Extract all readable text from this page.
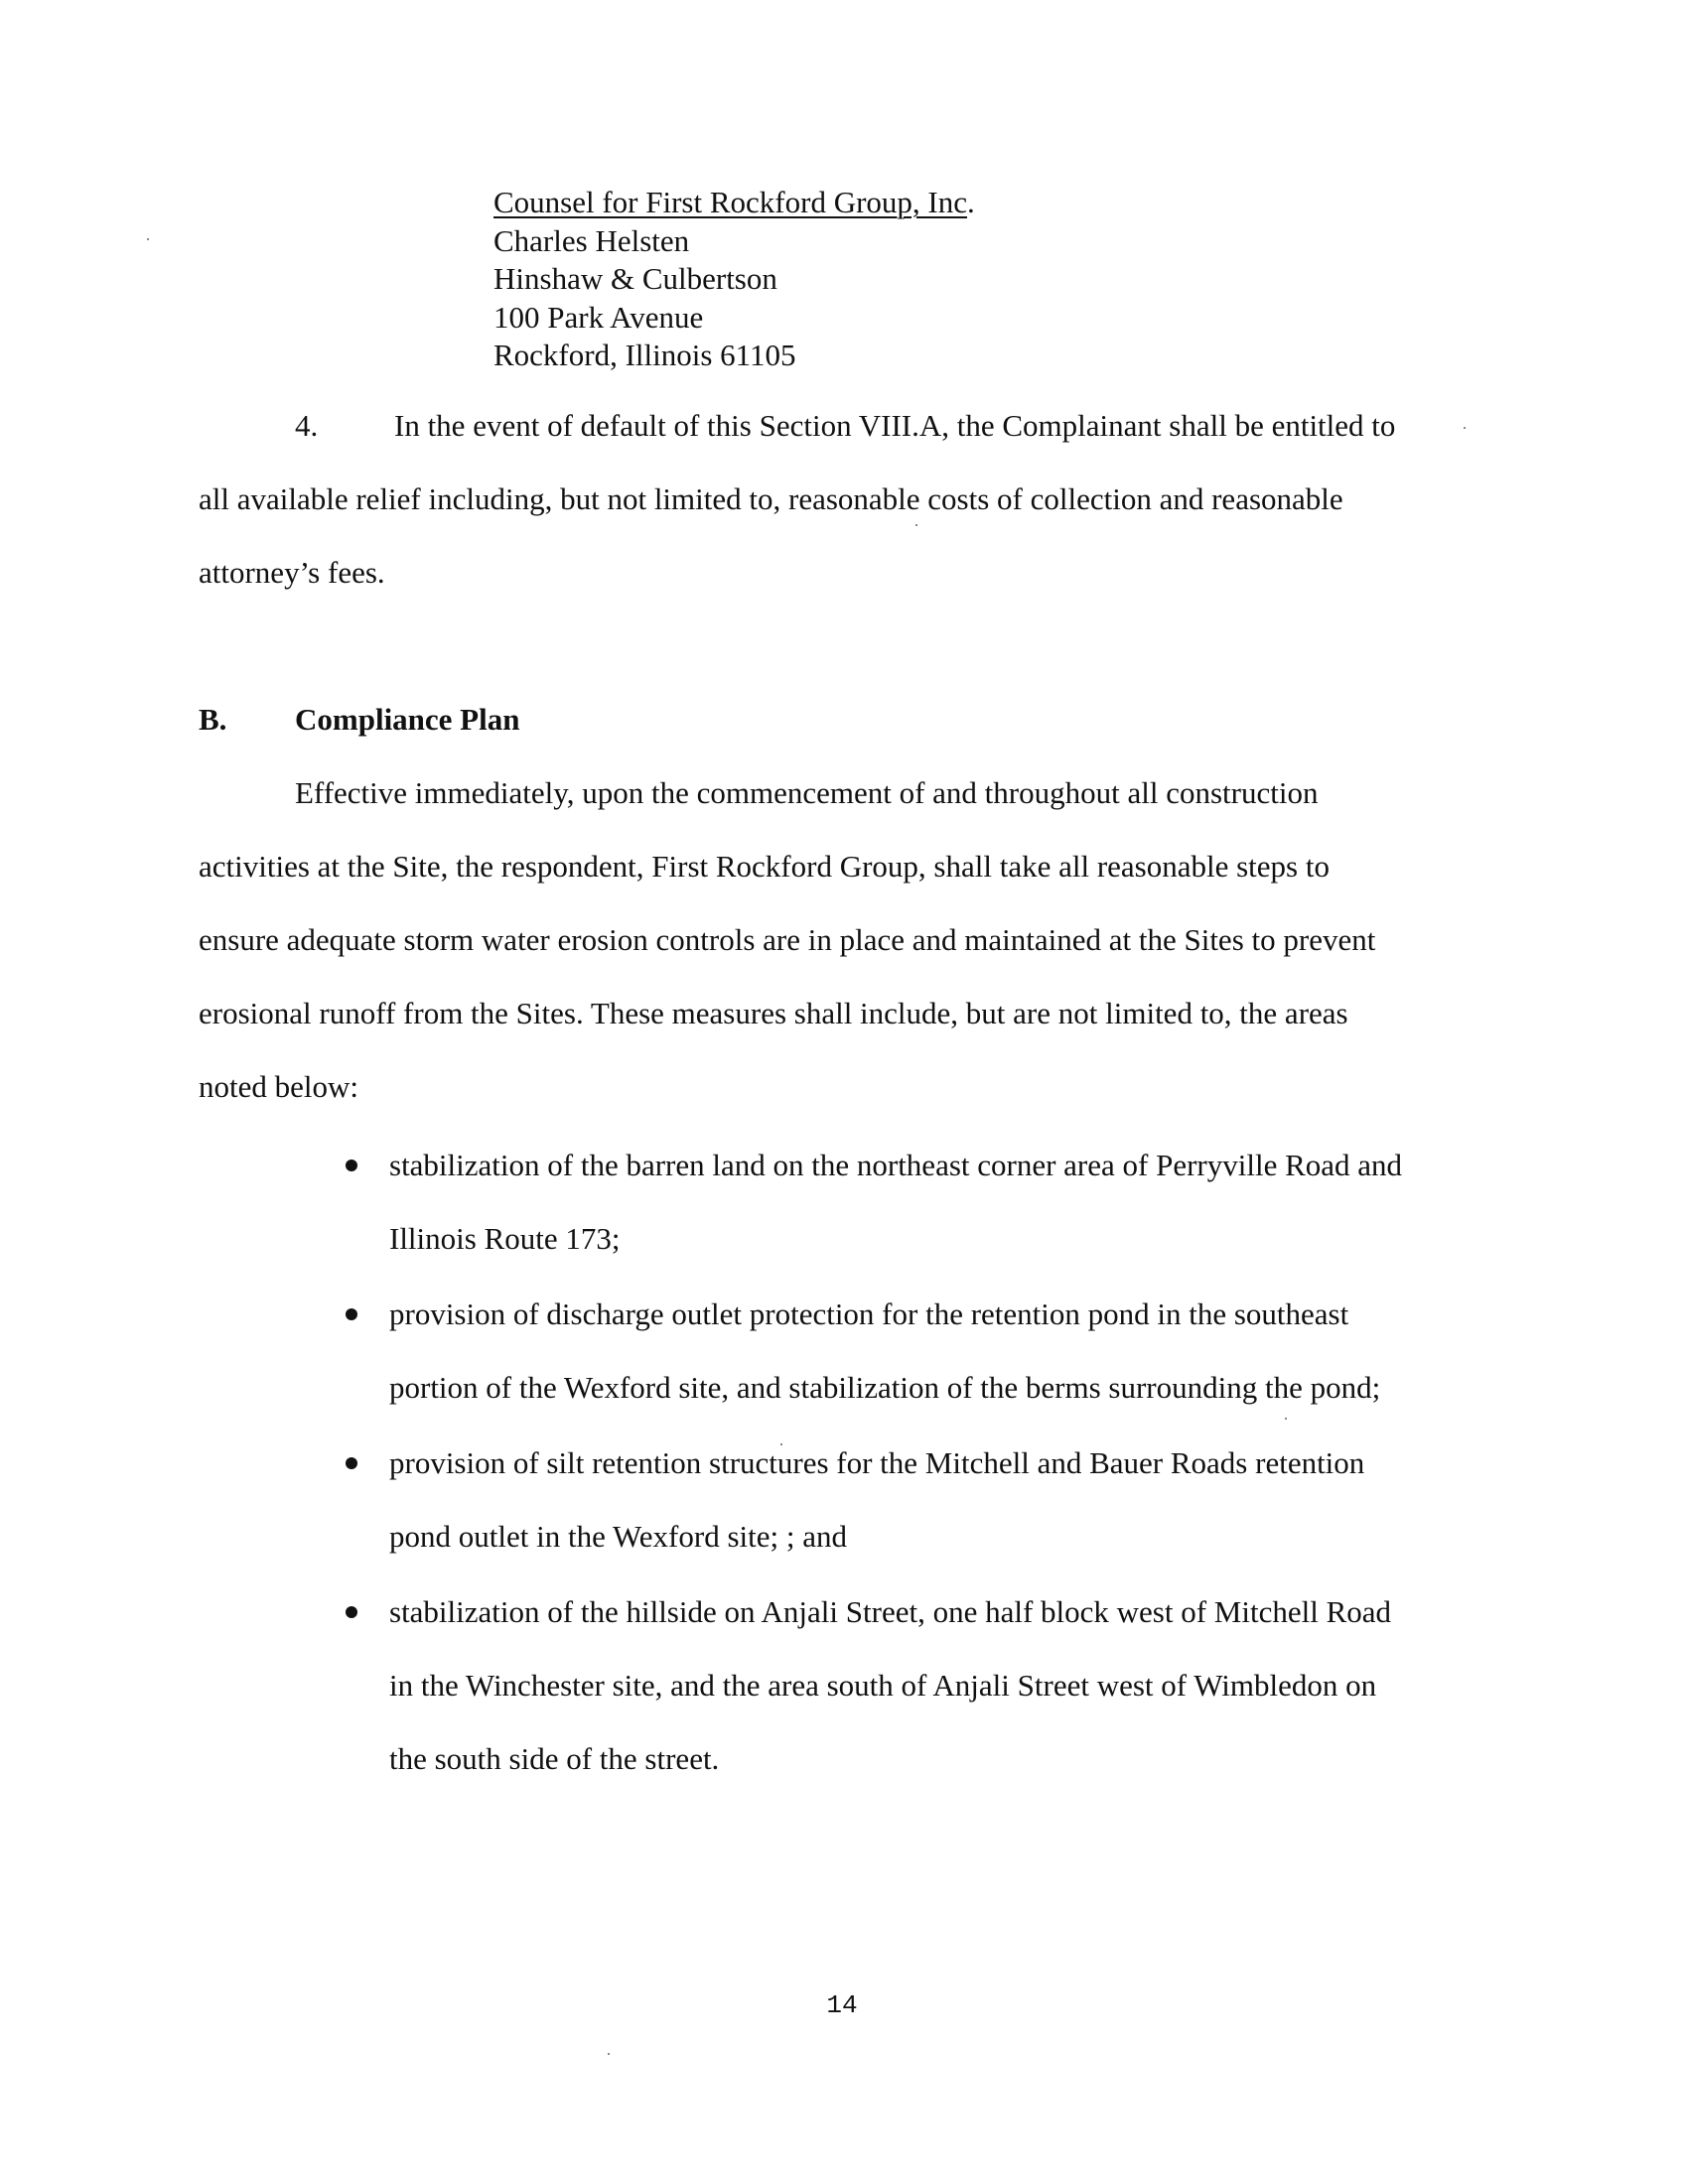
Counsel for First Rockford Group, Inc.
Charles Helsten
Hinshaw & Culbertson
100 Park Avenue
Rockford, Illinois 61105
4. In the event of default of this Section VIII.A, the Complainant shall be entitled to
all available relief including, but not limited to, reasonable costs of collection and reasonable
attorney’s fees.
B. Compliance Plan
Effective immediately, upon the commencement of and throughout all construction
activities at the Site, the respondent, First Rockford Group, shall take all reasonable steps to
ensure adequate storm water erosion controls are in place and maintained at the Sites to prevent
erosional runoff from the Sites. These measures shall include, but are not limited to, the areas
noted below:
stabilization of the barren land on the northeast corner area of Perryville Road and
Illinois Route 173;
provision of discharge outlet protection for the retention pond in the southeast
portion of the Wexford site, and stabilization of the berms surrounding the pond;
provision of silt retention structures for the Mitchell and Bauer Roads retention
pond outlet in the Wexford site; ; and
stabilization of the hillside on Anjali Street, one half block west of Mitchell Road
in the Winchester site, and the area south of Anjali Street west of Wimbledon on
the south side of the street.
14
